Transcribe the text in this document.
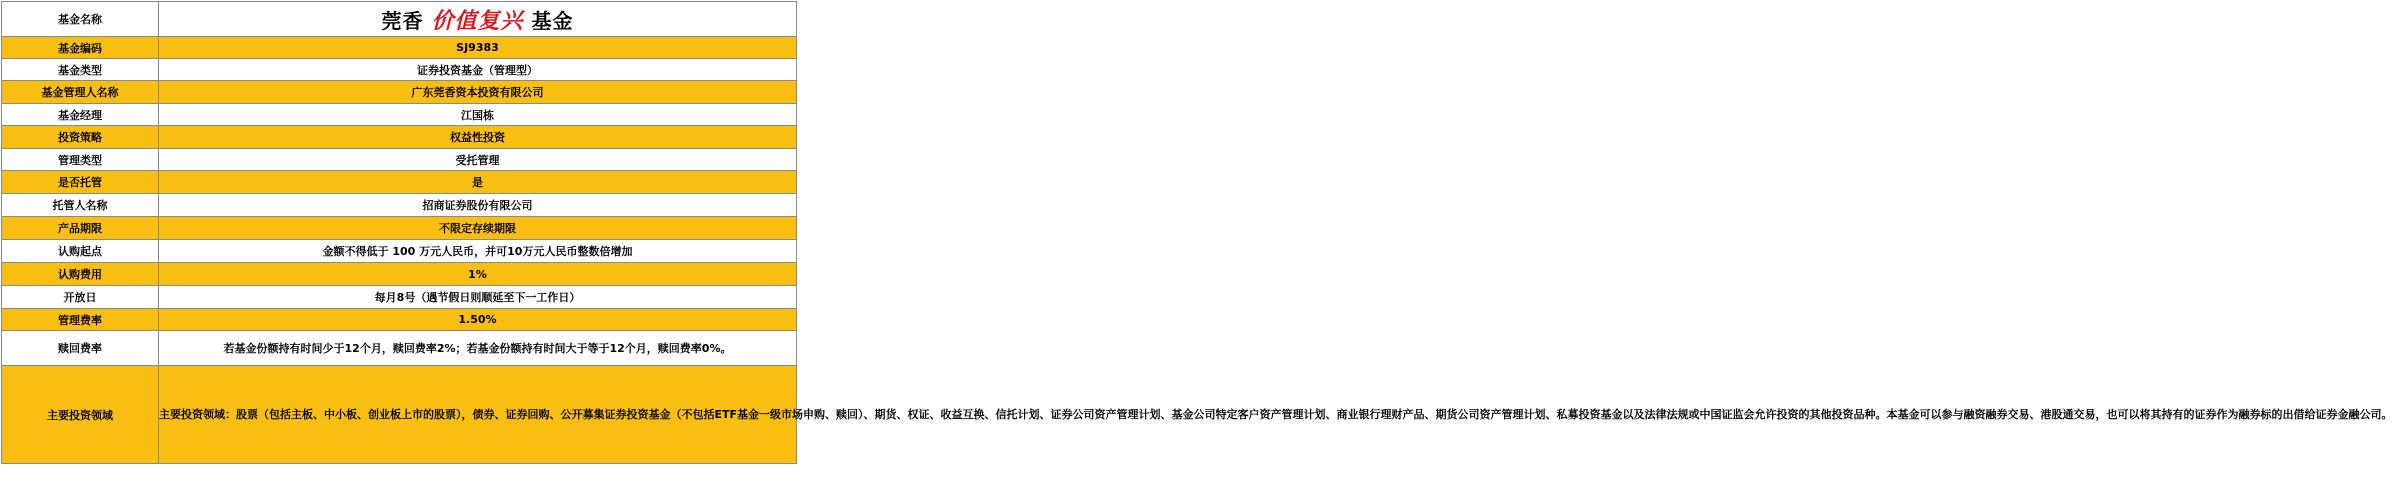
基金名称	莞香 价值复兴 基金
基金编码	SJ9383
基金类型	证券投资基金（管理型）
基金管理人名称	广东莞香资本投资有限公司
基金经理	江国栋
投资策略	权益性投资
管理类型	受托管理
是否托管	是
托管人名称	招商证券股份有限公司
产品期限	不限定存续期限
认购起点	金额不得低于 100 万元人民币，并可10万元人民币整数倍增加
认购费用	1%
开放日	每月8号（遇节假日则顺延至下一工作日）
管理费率	1.50%
赎回费率	若基金份额持有时间少于12个月，赎回费率2%；若基金份额持有时间大于等于12个月，赎回费率0%。
主要投资领域	主要投资领域：股票（包括主板、中小板、创业板上市的股票），债券、证券回购、公开募集证券投资基金（不包括ETF基金一级市场申购、赎回）、期货、权证、收益互换、信托计划、证券公司资产管理计划、基金公司特定客户资产管理计划、商业银行理财产品、期货公司资产管理计划、私募投资基金以及法律法规或中国证监会允许投资的其他投资品种。本基金可以参与融资融券交易、港股通交易，也可以将其持有的证券作为融券标的出借给证券金融公司。
